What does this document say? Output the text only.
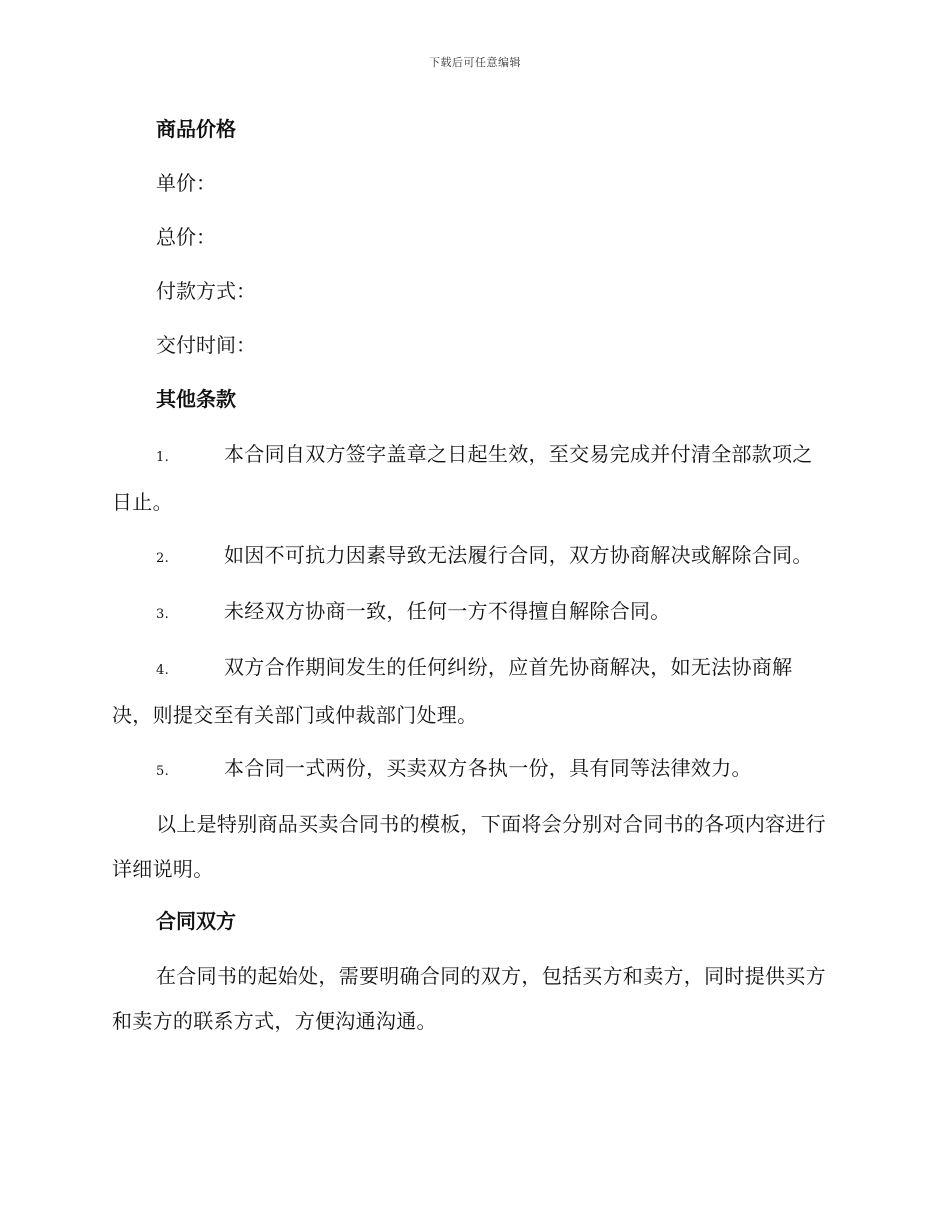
下载后可任意编辑
商品价格
单价：
总价：
付款方式：
交付时间：
其他条款

1.	本合同自双方签字盖章之日起生效，至交易完成并付清全部款项之日止。

2.	如因不可抗力因素导致无法履行合同，双方协商解决或解除合同。

3.	未经双方协商一致，任何一方不得擅自解除合同。

4.	双方合作期间发生的任何纠纷，应首先协商解决，如无法协商解决，则提交至有关部门或仲裁部门处理。

5.	本合同一式两份，买卖双方各执一份，具有同等法律效力。

以上是特别商品买卖合同书的模板，下面将会分别对合同书的各项内容进行详细说明。

合同双方

在合同书的起始处，需要明确合同的双方，包括买方和卖方，同时提供买方和卖方的联系方式，方便沟通沟通。
